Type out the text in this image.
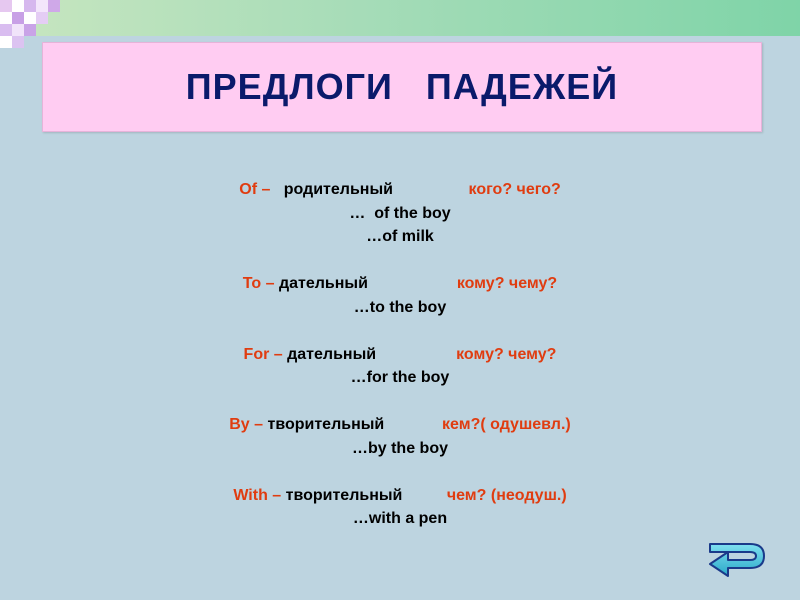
ПРЕДЛОГИ   ПАДЕЖЕЙ
Of –   родительный	кого? чего?
…  of the boy
…of milk
To – дательный	кому? чему?
…to the boy
For – дательный	кому? чему?
…for the boy
By – творительный	кем?( одушевл.)
…by the boy
With – творительный	чем? (неодуш.)
…with a pen
